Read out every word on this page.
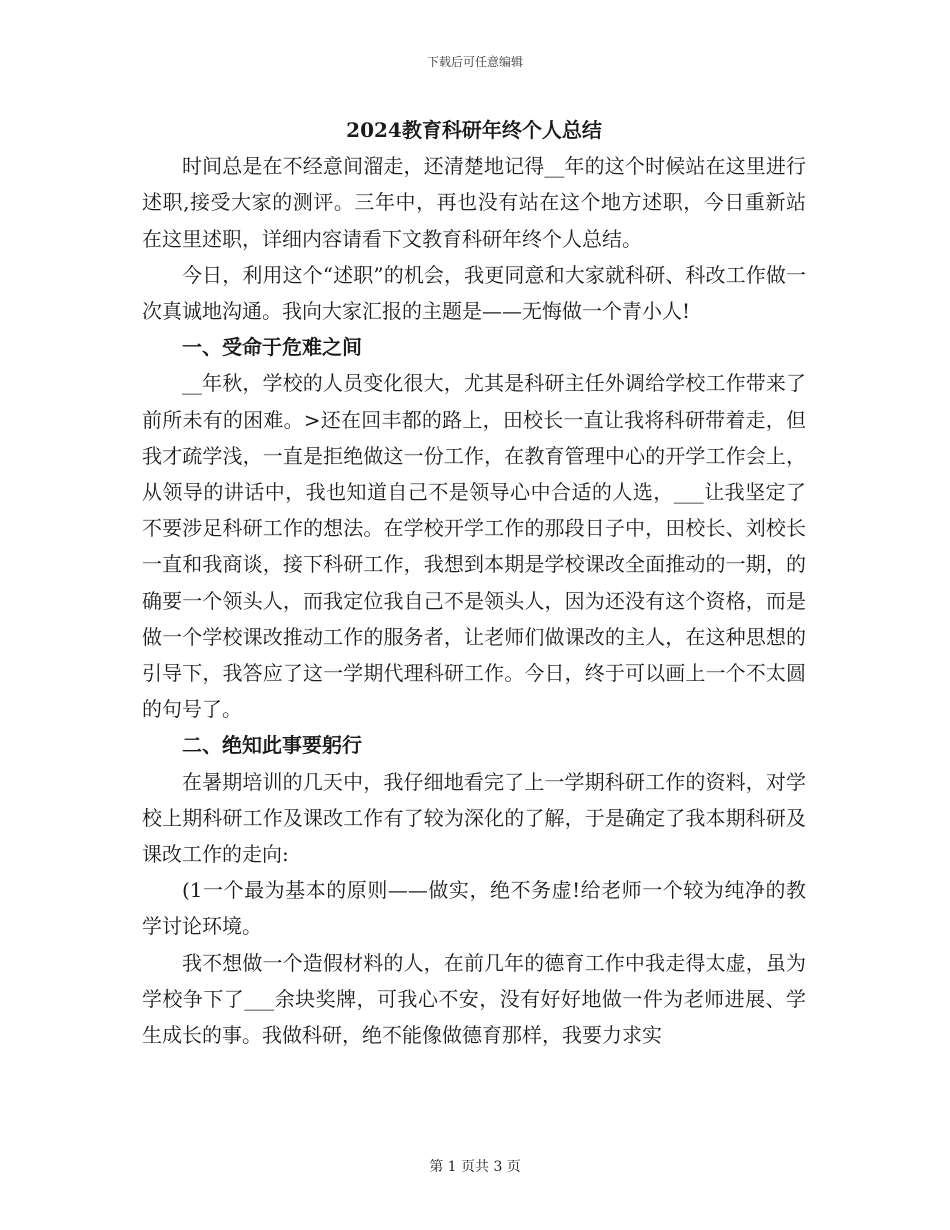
下载后可任意编辑

2024教育科研年终个人总结

时间总是在不经意间溜走，还清楚地记得__年的这个时候站在这里进行述职,接受大家的测评。三年中，再也没有站在这个地方述职，今日重新站在这里述职，详细内容请看下文教育科研年终个人总结。

今日，利用这个“述职”的机会，我更同意和大家就科研、科改工作做一次真诚地沟通。我向大家汇报的主题是——无悔做一个青小人!

一、受命于危难之间

__年秋，学校的人员变化很大，尤其是科研主任外调给学校工作带来了前所未有的困难。>还在回丰都的路上，田校长一直让我将科研带着走，但我才疏学浅，一直是拒绝做这一份工作，在教育管理中心的开学工作会上，从领导的讲话中，我也知道自己不是领导心中合适的人选，___让我坚定了不要涉足科研工作的想法。在学校开学工作的那段日子中，田校长、刘校长一直和我商谈，接下科研工作，我想到本期是学校课改全面推动的一期，的确要一个领头人，而我定位我自己不是领头人，因为还没有这个资格，而是做一个学校课改推动工作的服务者，让老师们做课改的主人，在这种思想的引导下，我答应了这一学期代理科研工作。今日，终于可以画上一个不太圆的句号了。

二、绝知此事要躬行

在暑期培训的几天中，我仔细地看完了上一学期科研工作的资料，对学校上期科研工作及课改工作有了较为深化的了解，于是确定了我本期科研及课改工作的走向:

(1一个最为基本的原则——做实，绝不务虚!给老师一个较为纯净的教学讨论环境。

我不想做一个造假材料的人，在前几年的德育工作中我走得太虚，虽为学校争下了___余块奖牌，可我心不安，没有好好地做一件为老师进展、学生成长的事。我做科研，绝不能像做德育那样，我要力求实

第 1 页共 3 页
